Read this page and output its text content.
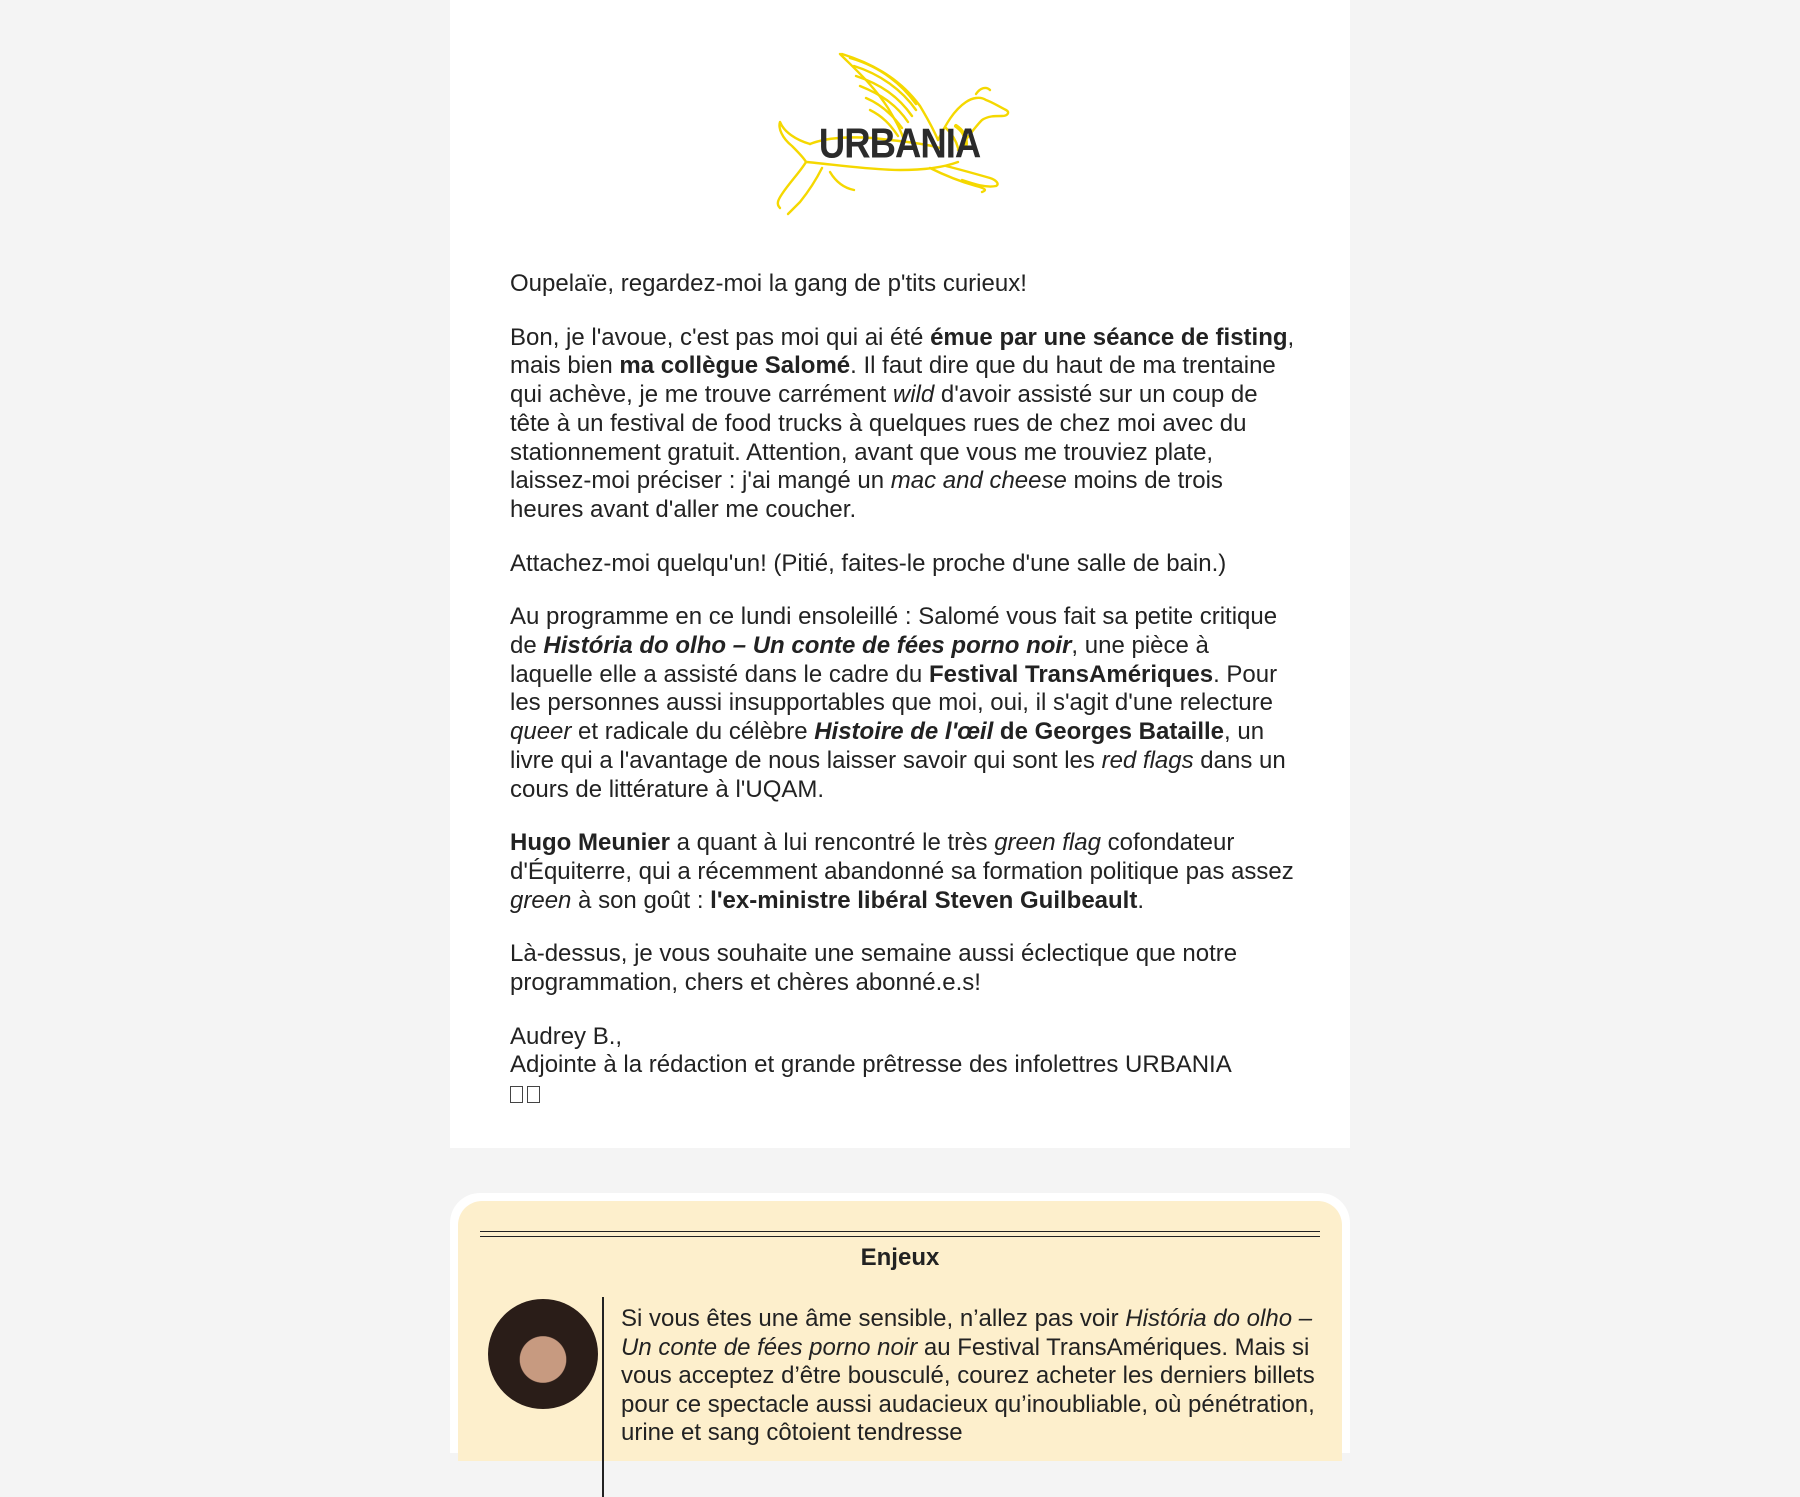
URBANIA

Oupelaïe, regardez-moi la gang de p'tits curieux!

Bon, je l'avoue, c'est pas moi qui ai été émue par une séance de fisting, mais bien ma collègue Salomé. Il faut dire que du haut de ma trentaine qui achève, je me trouve carrément wild d'avoir assisté sur un coup de tête à un festival de food trucks à quelques rues de chez moi avec du stationnement gratuit. Attention, avant que vous me trouviez plate, laissez-moi préciser : j'ai mangé un mac and cheese moins de trois heures avant d'aller me coucher.

Attachez-moi quelqu'un! (Pitié, faites-le proche d'une salle de bain.)

Au programme en ce lundi ensoleillé : Salomé vous fait sa petite critique de História do olho – Un conte de fées porno noir, une pièce à laquelle elle a assisté dans le cadre du Festival TransAmériques. Pour les personnes aussi insupportables que moi, oui, il s'agit d'une relecture queer et radicale du célèbre Histoire de l'œil de Georges Bataille, un livre qui a l'avantage de nous laisser savoir qui sont les red flags dans un cours de littérature à l'UQAM.

Hugo Meunier a quant à lui rencontré le très green flag cofondateur d'Équiterre, qui a récemment abandonné sa formation politique pas assez green à son goût : l'ex-ministre libéral Steven Guilbeault.

Là-dessus, je vous souhaite une semaine aussi éclectique que notre programmation, chers et chères abonné.e.s!

Audrey B.,
Adjointe à la rédaction et grande prêtresse des infolettres URBANIA

Enjeux
Si vous êtes une âme sensible, n’allez pas voir História do olho – Un conte de fées porno noir au Festival TransAmériques. Mais si vous acceptez d’être bousculé, courez acheter les derniers billets pour ce spectacle aussi audacieux qu’inoubliable, où pénétration, urine et sang côtoient tendresse
